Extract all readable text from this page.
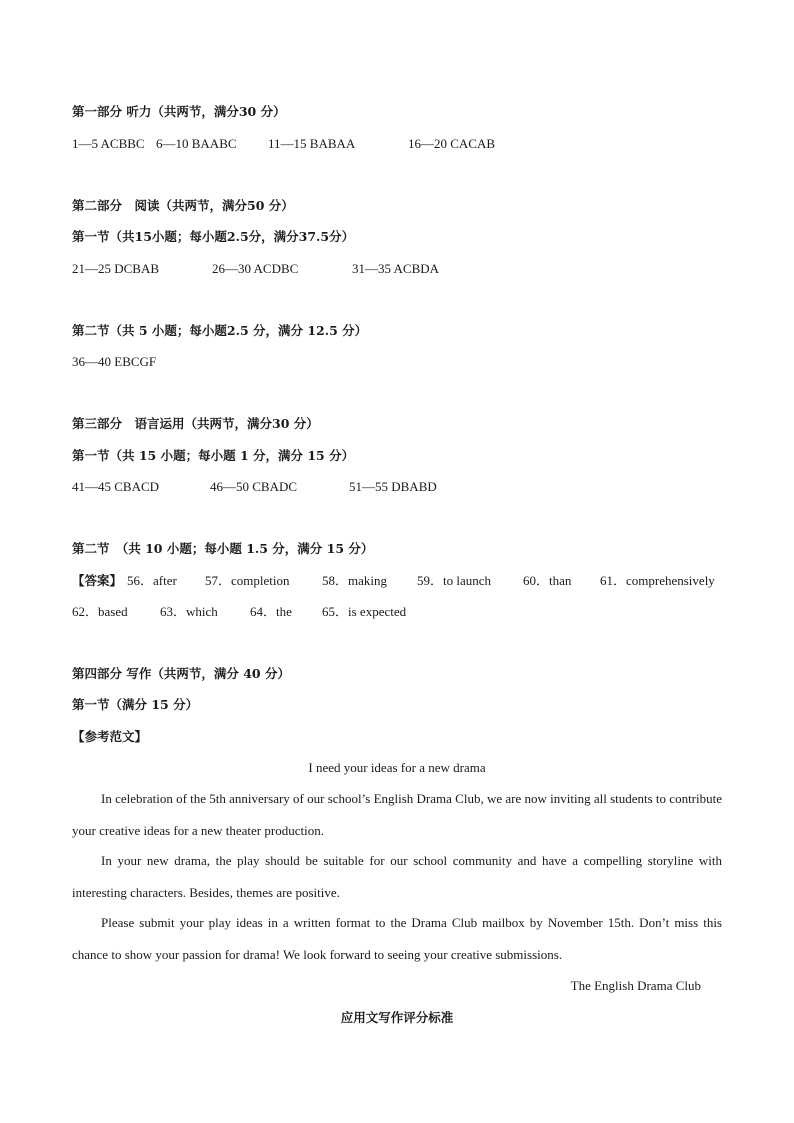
第一部分 听力（共两节，满分30 分）
1—5 ACBBC 6—10 BAABC 11—15 BABAA	16—20 CACAB
第二部分　阅读（共两节，满分50 分）
第一节（共15小题；每小题2.5分，满分37.5分）
21—25 DCBAB	26—30 ACDBC	31—35 ACBDA
第二节（共 5 小题；每小题2.5 分，满分 12.5 分）
36—40 EBCGF
第三部分　语言运用（共两节，满分30 分）
第一节（共 15 小题；每小题 1 分，满分 15 分）
41—45 CBACD	46—50 CBADC	51—55 DBABD
第二节　（共 10 小题；每小题 1.5 分，满分 15 分）
【答案】 56．after 57．completion	58．making 59．to launch 60．than 61．comprehensively
62．based 63．which 64．the 65．is expected
第四部分 写作（共两节，满分 40 分）
第一节（满分 15 分）
【参考范文】
I need your ideas for a new drama

In celebration of the 5th anniversary of our school’s English Drama Club, we are now inviting all students to contribute your creative ideas for a new theater production.

In your new drama, the play should be suitable for our school community and have a compelling storyline with interesting characters. Besides, themes are positive.

Please submit your play ideas in a written format to the Drama Club mailbox by November 15th. Don’t miss this chance to show your passion for drama! We look forward to seeing your creative submissions.

The English Drama Club
应用文写作评分标准
